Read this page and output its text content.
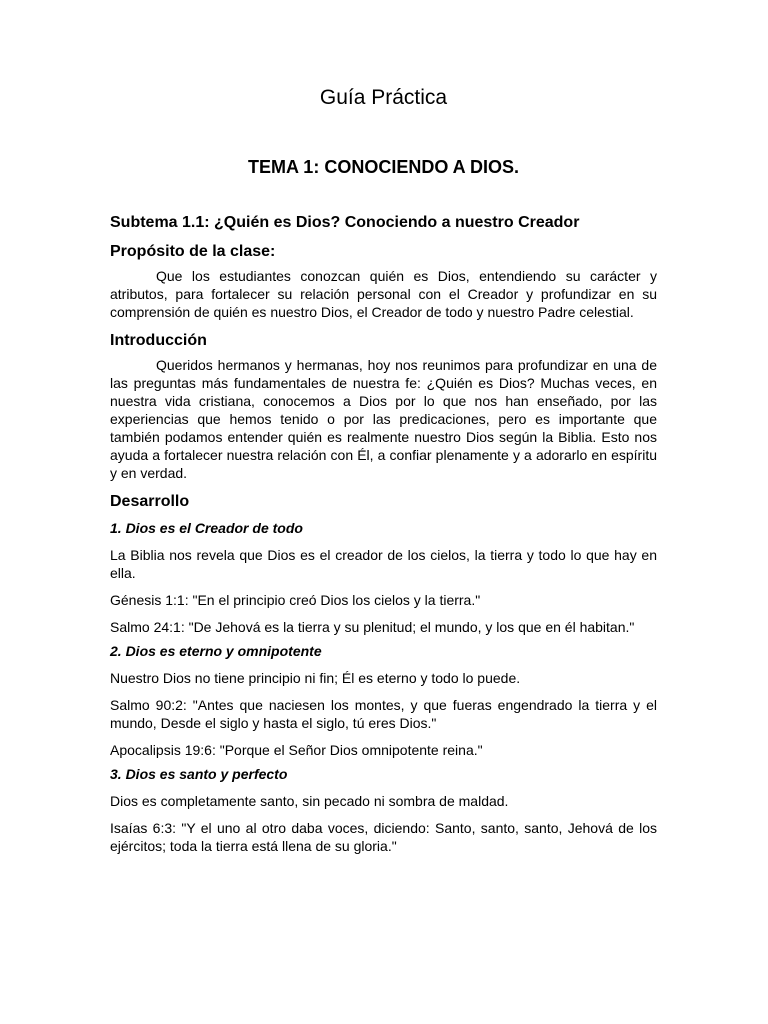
Guía Práctica
TEMA 1: CONOCIENDO A DIOS.
Subtema 1.1: ¿Quién es Dios? Conociendo a nuestro Creador
Propósito de la clase:

Que los estudiantes conozcan quién es Dios, entendiendo su carácter y atributos, para fortalecer su relación personal con el Creador y profundizar en su comprensión de quién es nuestro Dios, el Creador de todo y nuestro Padre celestial.

Introducción

Queridos hermanos y hermanas, hoy nos reunimos para profundizar en una de las preguntas más fundamentales de nuestra fe: ¿Quién es Dios? Muchas veces, en nuestra vida cristiana, conocemos a Dios por lo que nos han enseñado, por las experiencias que hemos tenido o por las predicaciones, pero es importante que también podamos entender quién es realmente nuestro Dios según la Biblia. Esto nos ayuda a fortalecer nuestra relación con Él, a confiar plenamente y a adorarlo en espíritu y en verdad.

Desarrollo

1. Dios es el Creador de todo

La Biblia nos revela que Dios es el creador de los cielos, la tierra y todo lo que hay en ella.

Génesis 1:1: "En el principio creó Dios los cielos y la tierra."

Salmo 24:1: "De Jehová es la tierra y su plenitud; el mundo, y los que en él habitan."

2. Dios es eterno y omnipotente

Nuestro Dios no tiene principio ni fin; Él es eterno y todo lo puede.

Salmo 90:2: "Antes que naciesen los montes, y que fueras engendrado la tierra y el mundo, Desde el siglo y hasta el siglo, tú eres Dios."

Apocalipsis 19:6: "Porque el Señor Dios omnipotente reina."

3. Dios es santo y perfecto

Dios es completamente santo, sin pecado ni sombra de maldad.

Isaías 6:3: "Y el uno al otro daba voces, diciendo: Santo, santo, santo, Jehová de los ejércitos; toda la tierra está llena de su gloria."
